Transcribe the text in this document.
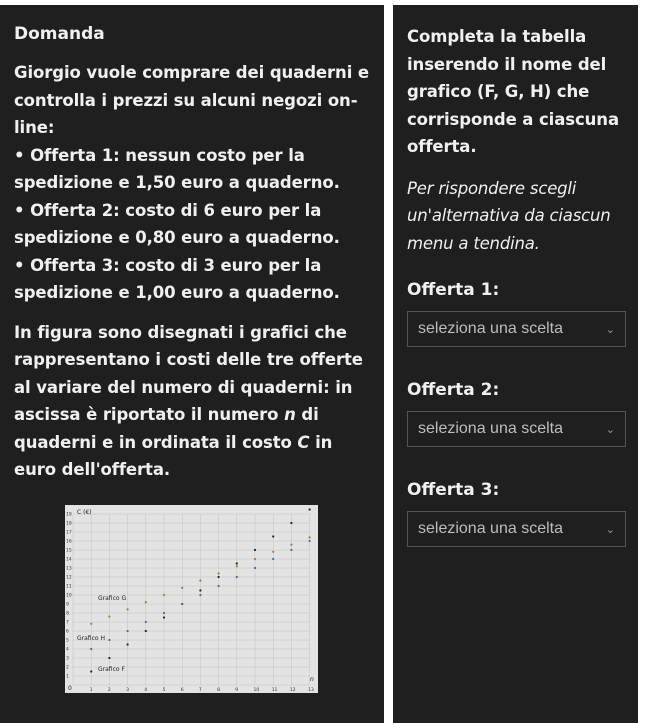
Domanda
Giorgio vuole comprare dei quaderni e controlla i prezzi su alcuni negozi on-line:
• Offerta 1: nessun costo per la spedizione e 1,50 euro a quaderno.
• Offerta 2: costo di 6 euro per la spedizione e 0,80 euro a quaderno.
• Offerta 3: costo di 3 euro per la spedizione e 1,00 euro a quaderno.
In figura sono disegnati i grafici che rappresentano i costi delle tre offerte al variare del numero di quaderni: in ascissa è riportato il numero n di quaderni e in ordinata il costo C in euro dell'offerta.
1	2	3	4	5	6	7	8	9	10	11	12	13
1
2
3
4
5
6
7
8
9
10
11
12
13
14
15
16
17
18
19 C (€)
n
0
Grafico G
Grafico H
Grafico F
Completa la tabella inserendo il nome del grafico (F, G, H) che corrisponde a ciascuna offerta.
Per rispondere scegli un'alternativa da ciascun menu a tendina.
Offerta 1:
seleziona una scelta	⌄
Offerta 2:
seleziona una scelta	⌄
Offerta 3:
seleziona una scelta	⌄
